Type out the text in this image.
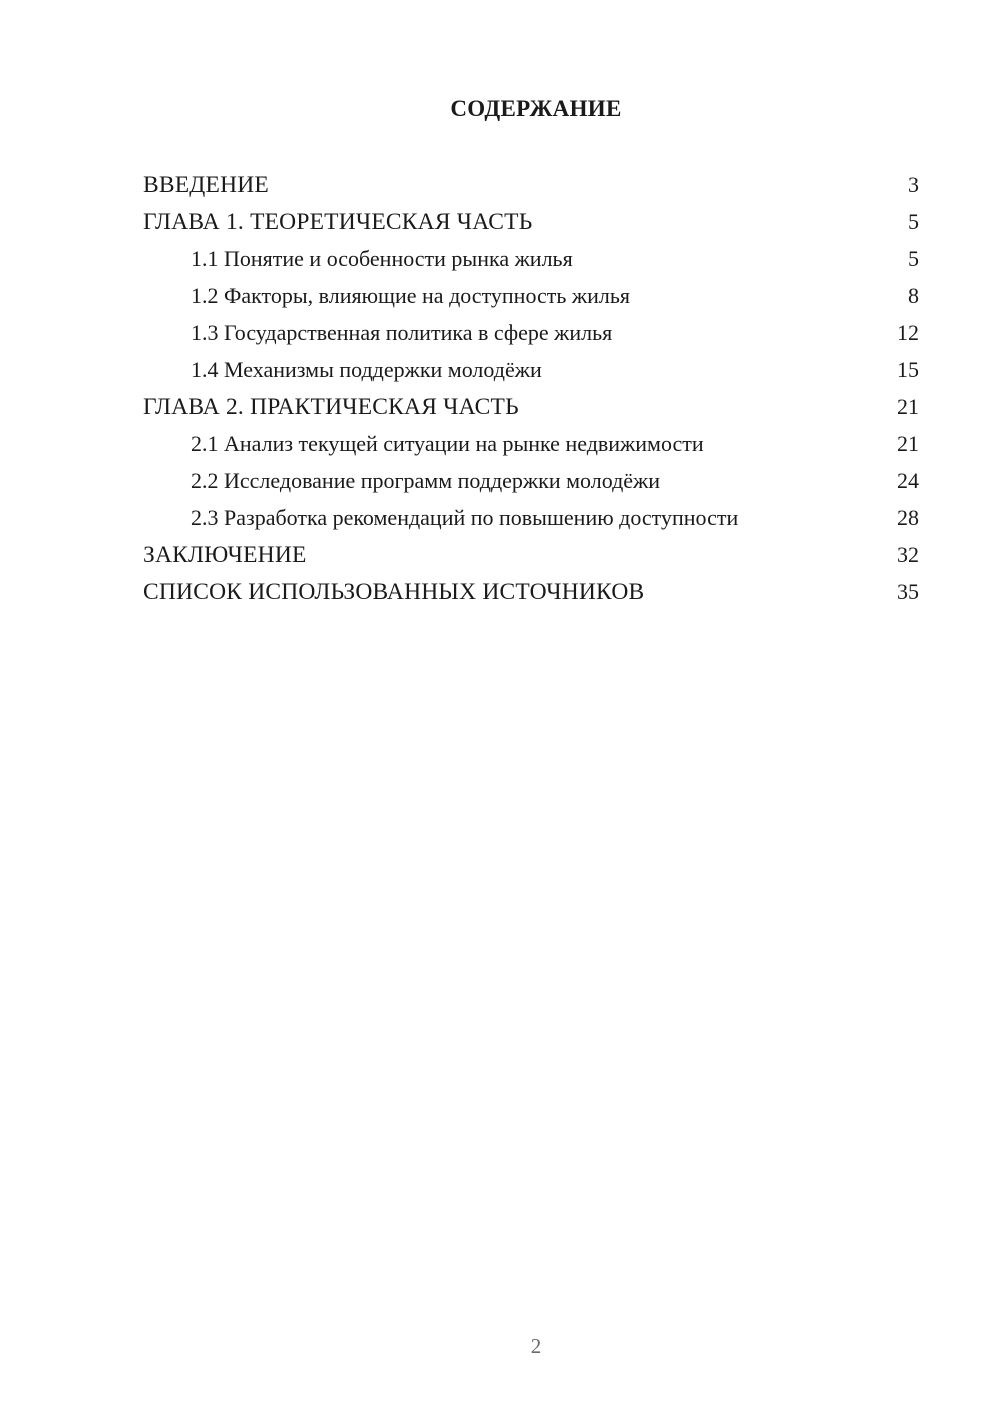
СОДЕРЖАНИЕ
ВВЕДЕНИЕ	3
ГЛАВА 1. ТЕОРЕТИЧЕСКАЯ ЧАСТЬ	5
1.1 Понятие и особенности рынка жилья	5
1.2 Факторы, влияющие на доступность жилья	8
1.3 Государственная политика в сфере жилья	12
1.4 Механизмы поддержки молодёжи	15
ГЛАВА 2. ПРАКТИЧЕСКАЯ ЧАСТЬ	21
2.1 Анализ текущей ситуации на рынке недвижимости	21
2.2 Исследование программ поддержки молодёжи	24
2.3 Разработка рекомендаций по повышению доступности	28
ЗАКЛЮЧЕНИЕ	32
СПИСОК ИСПОЛЬЗОВАННЫХ ИСТОЧНИКОВ	35
2
